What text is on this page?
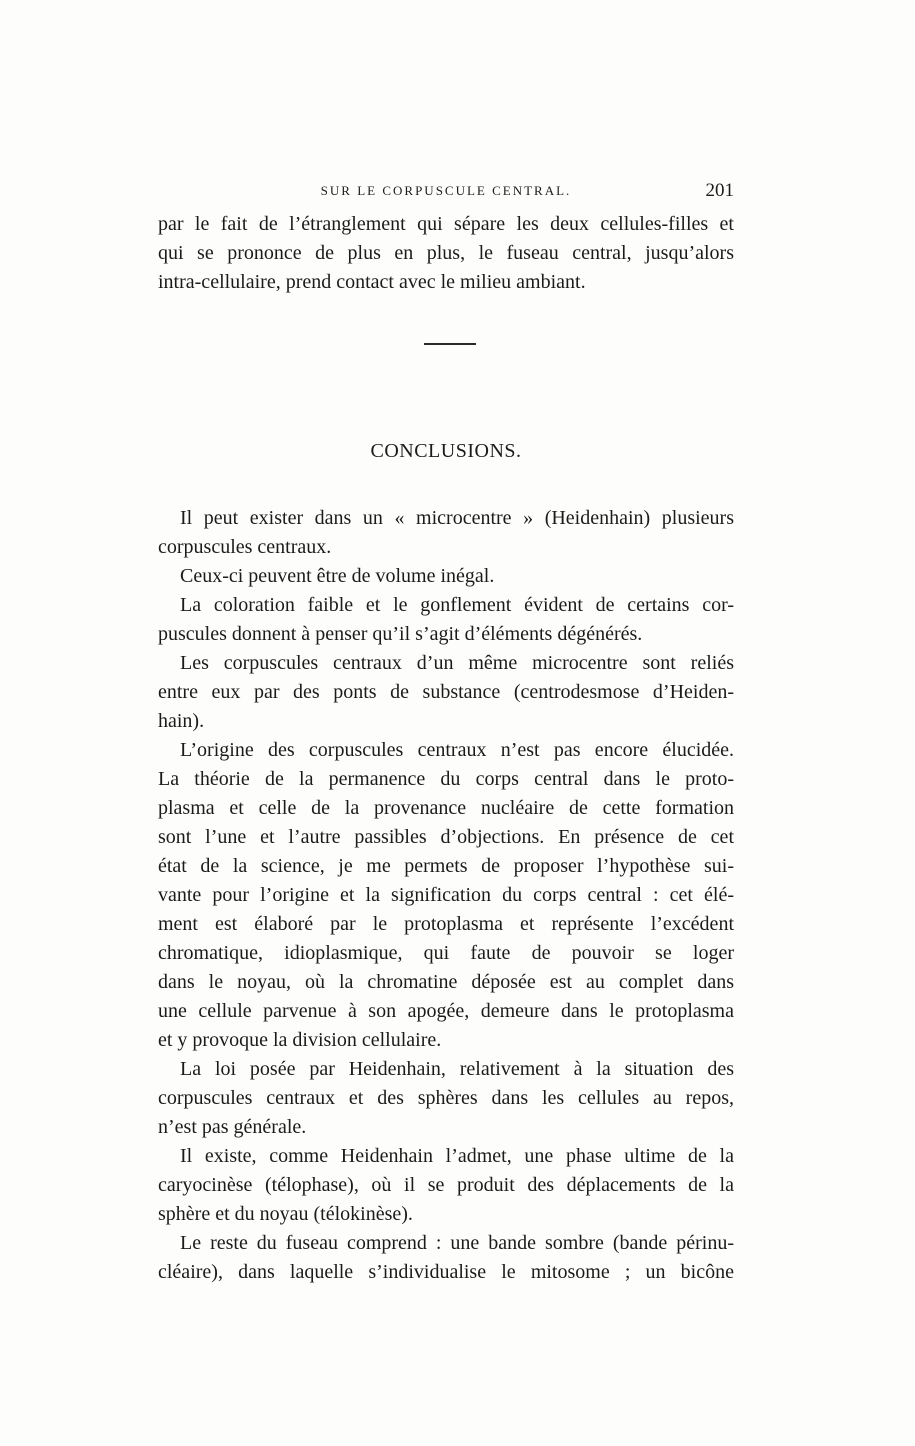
SUR LE CORPUSCULE CENTRAL.	201
par le fait de l’étranglement qui sépare les deux cellules-filles et
qui se prononce de plus en plus, le fuseau central, jusqu’alors
intra-cellulaire, prend contact avec le milieu ambiant.
CONCLUSIONS.
Il peut exister dans un « microcentre » (Heidenhain) plusieurs
corpuscules centraux.
Ceux-ci peuvent être de volume inégal.
La coloration faible et le gonflement évident de certains cor-
puscules donnent à penser qu’il s’agit d’éléments dégénérés.
Les corpuscules centraux d’un même microcentre sont reliés
entre eux par des ponts de substance (centrodesmose d’Heiden-
hain).
L’origine des corpuscules centraux n’est pas encore élucidée.
La théorie de la permanence du corps central dans le proto-
plasma et celle de la provenance nucléaire de cette formation
sont l’une et l’autre passibles d’objections. En présence de cet
état de la science, je me permets de proposer l’hypothèse sui-
vante pour l’origine et la signification du corps central : cet élé-
ment est élaboré par le protoplasma et représente l’excédent
chromatique, idioplasmique, qui faute de pouvoir se loger
dans le noyau, où la chromatine déposée est au complet dans
une cellule parvenue à son apogée, demeure dans le protoplasma
et y provoque la division cellulaire.
La loi posée par Heidenhain, relativement à la situation des
corpuscules centraux et des sphères dans les cellules au repos,
n’est pas générale.
Il existe, comme Heidenhain l’admet, une phase ultime de la
caryocinèse (télophase), où il se produit des déplacements de la
sphère et du noyau (télokinèse).
Le reste du fuseau comprend : une bande sombre (bande périnu-
cléaire), dans laquelle s’individualise le mitosome ; un bicône
